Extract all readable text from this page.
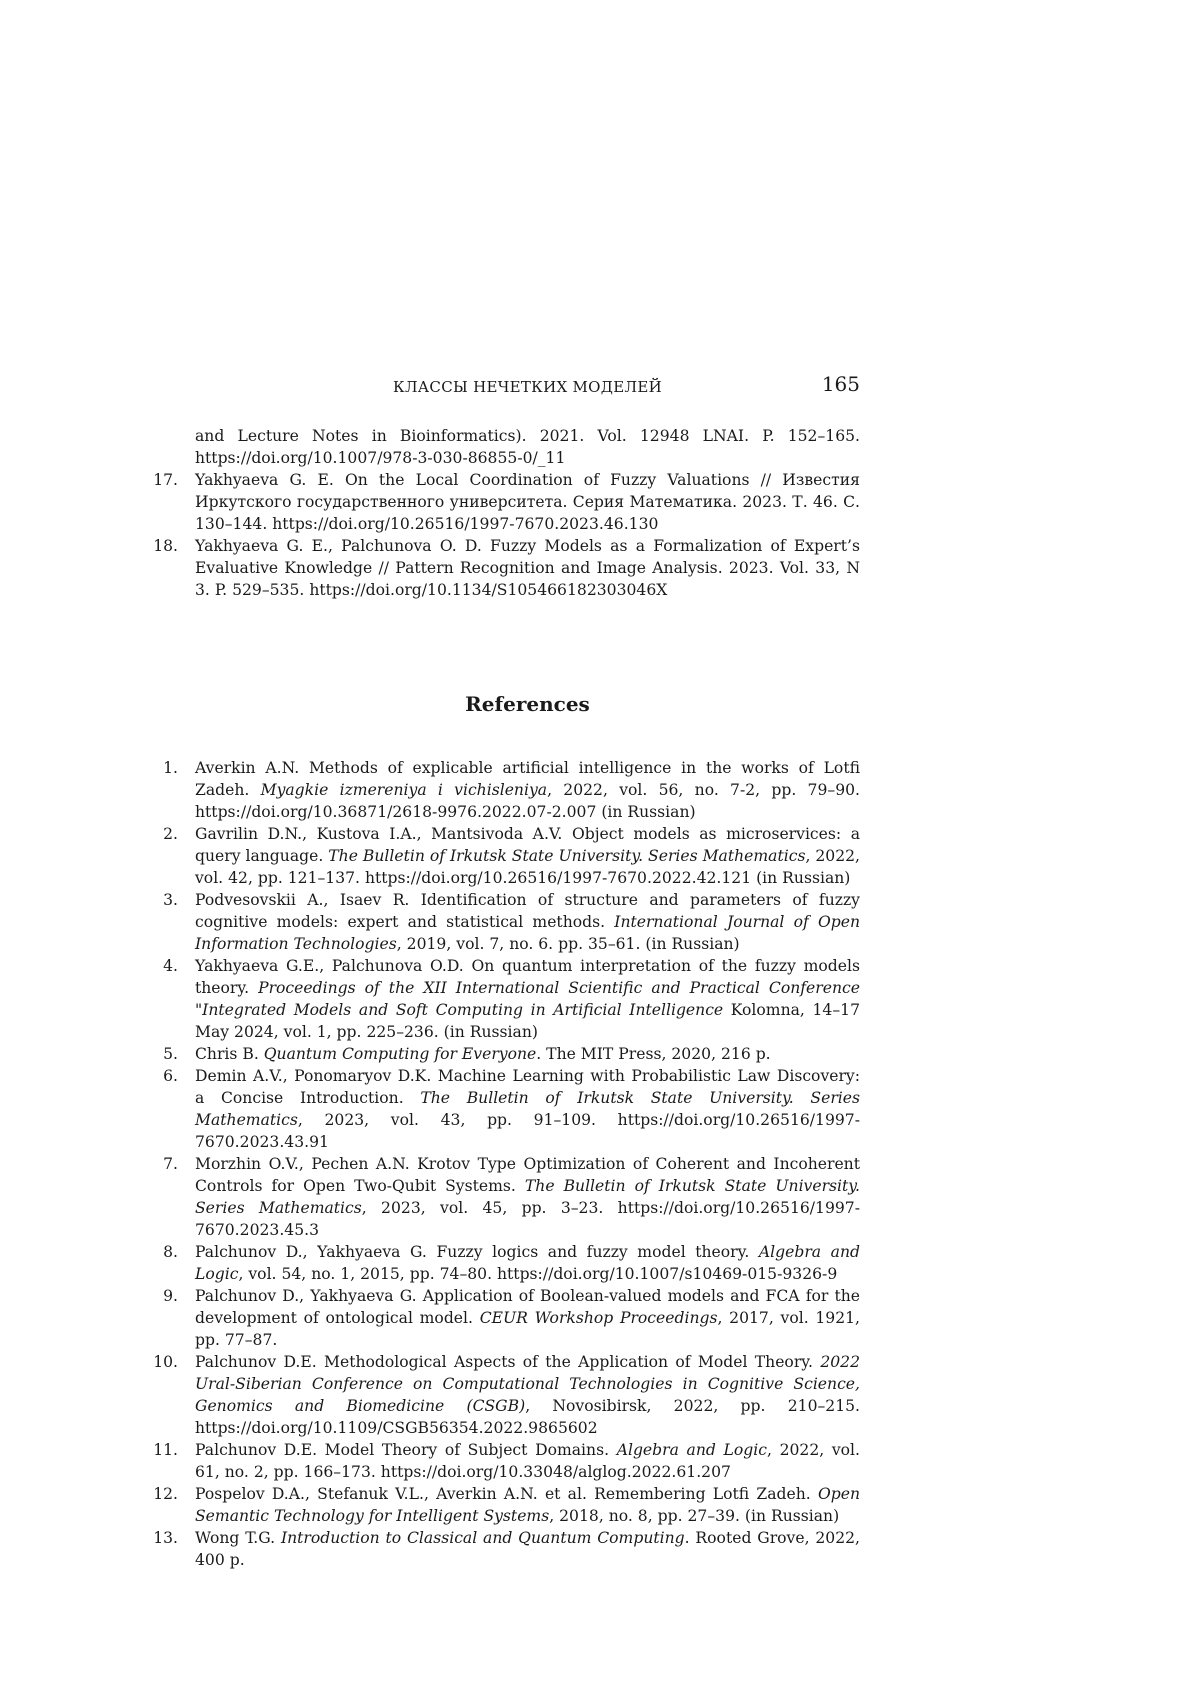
КЛАССЫ НЕЧЕТКИХ МОДЕЛЕЙ	165
and Lecture Notes in Bioinformatics). 2021. Vol. 12948 LNAI. P. 152–165. https://doi.org/10.1007/978-3-030-86855-0/_11
17. Yakhyaeva G. E. On the Local Coordination of Fuzzy Valuations // Известия Иркутского государственного университета. Серия Математика. 2023. Т. 46. С. 130–144. https://doi.org/10.26516/1997-7670.2023.46.130
18. Yakhyaeva G. E., Palchunova O. D. Fuzzy Models as a Formalization of Expert’s Evaluative Knowledge // Pattern Recognition and Image Analysis. 2023. Vol. 33, N 3. P. 529–535. https://doi.org/10.1134/S105466182303046X
References
1. Averkin A.N. Methods of explicable artificial intelligence in the works of Lotfi Zadeh. Myagkie izmereniya i vichisleniya, 2022, vol. 56, no. 7-2, pp. 79–90. https://doi.org/10.36871/2618-9976.2022.07-2.007 (in Russian)
2. Gavrilin D.N., Kustova I.A., Mantsivoda A.V. Object models as microservices: a query language. The Bulletin of Irkutsk State University. Series Mathematics, 2022, vol. 42, pp. 121–137. https://doi.org/10.26516/1997-7670.2022.42.121 (in Russian)
3. Podvesovskii A., Isaev R. Identification of structure and parameters of fuzzy cognitive models: expert and statistical methods. International Journal of Open Information Technologies, 2019, vol. 7, no. 6. pp. 35–61. (in Russian)
4. Yakhyaeva G.E., Palchunova O.D. On quantum interpretation of the fuzzy models theory. Proceedings of the XII International Scientific and Practical Conference "Integrated Models and Soft Computing in Artificial Intelligence Kolomna, 14–17 May 2024, vol. 1, pp. 225–236. (in Russian)
5. Chris B. Quantum Computing for Everyone. The MIT Press, 2020, 216 p.
6. Demin A.V., Ponomaryov D.K. Machine Learning with Probabilistic Law Discovery: a Concise Introduction. The Bulletin of Irkutsk State University. Series Mathematics, 2023, vol. 43, pp. 91–109. https://doi.org/10.26516/1997-7670.2023.43.91
7. Morzhin O.V., Pechen A.N. Krotov Type Optimization of Coherent and Incoherent Controls for Open Two-Qubit Systems. The Bulletin of Irkutsk State University. Series Mathematics, 2023, vol. 45, pp. 3–23. https://doi.org/10.26516/1997-7670.2023.45.3
8. Palchunov D., Yakhyaeva G. Fuzzy logics and fuzzy model theory. Algebra and Logic, vol. 54, no. 1, 2015, pp. 74–80. https://doi.org/10.1007/s10469-015-9326-9
9. Palchunov D., Yakhyaeva G. Application of Boolean-valued models and FCA for the development of ontological model. CEUR Workshop Proceedings, 2017, vol. 1921, pp. 77–87.
10. Palchunov D.E. Methodological Aspects of the Application of Model Theory. 2022 Ural-Siberian Conference on Computational Technologies in Cognitive Science, Genomics and Biomedicine (CSGB), Novosibirsk, 2022, pp. 210–215. https://doi.org/10.1109/CSGB56354.2022.9865602
11. Palchunov D.E. Model Theory of Subject Domains. Algebra and Logic, 2022, vol. 61, no. 2, pp. 166–173. https://doi.org/10.33048/alglog.2022.61.207
12. Pospelov D.A., Stefanuk V.L., Averkin A.N. et al. Remembering Lotfi Zadeh. Open Semantic Technology for Intelligent Systems, 2018, no. 8, pp. 27–39. (in Russian)
13. Wong T.G. Introduction to Classical and Quantum Computing. Rooted Grove, 2022, 400 p.
